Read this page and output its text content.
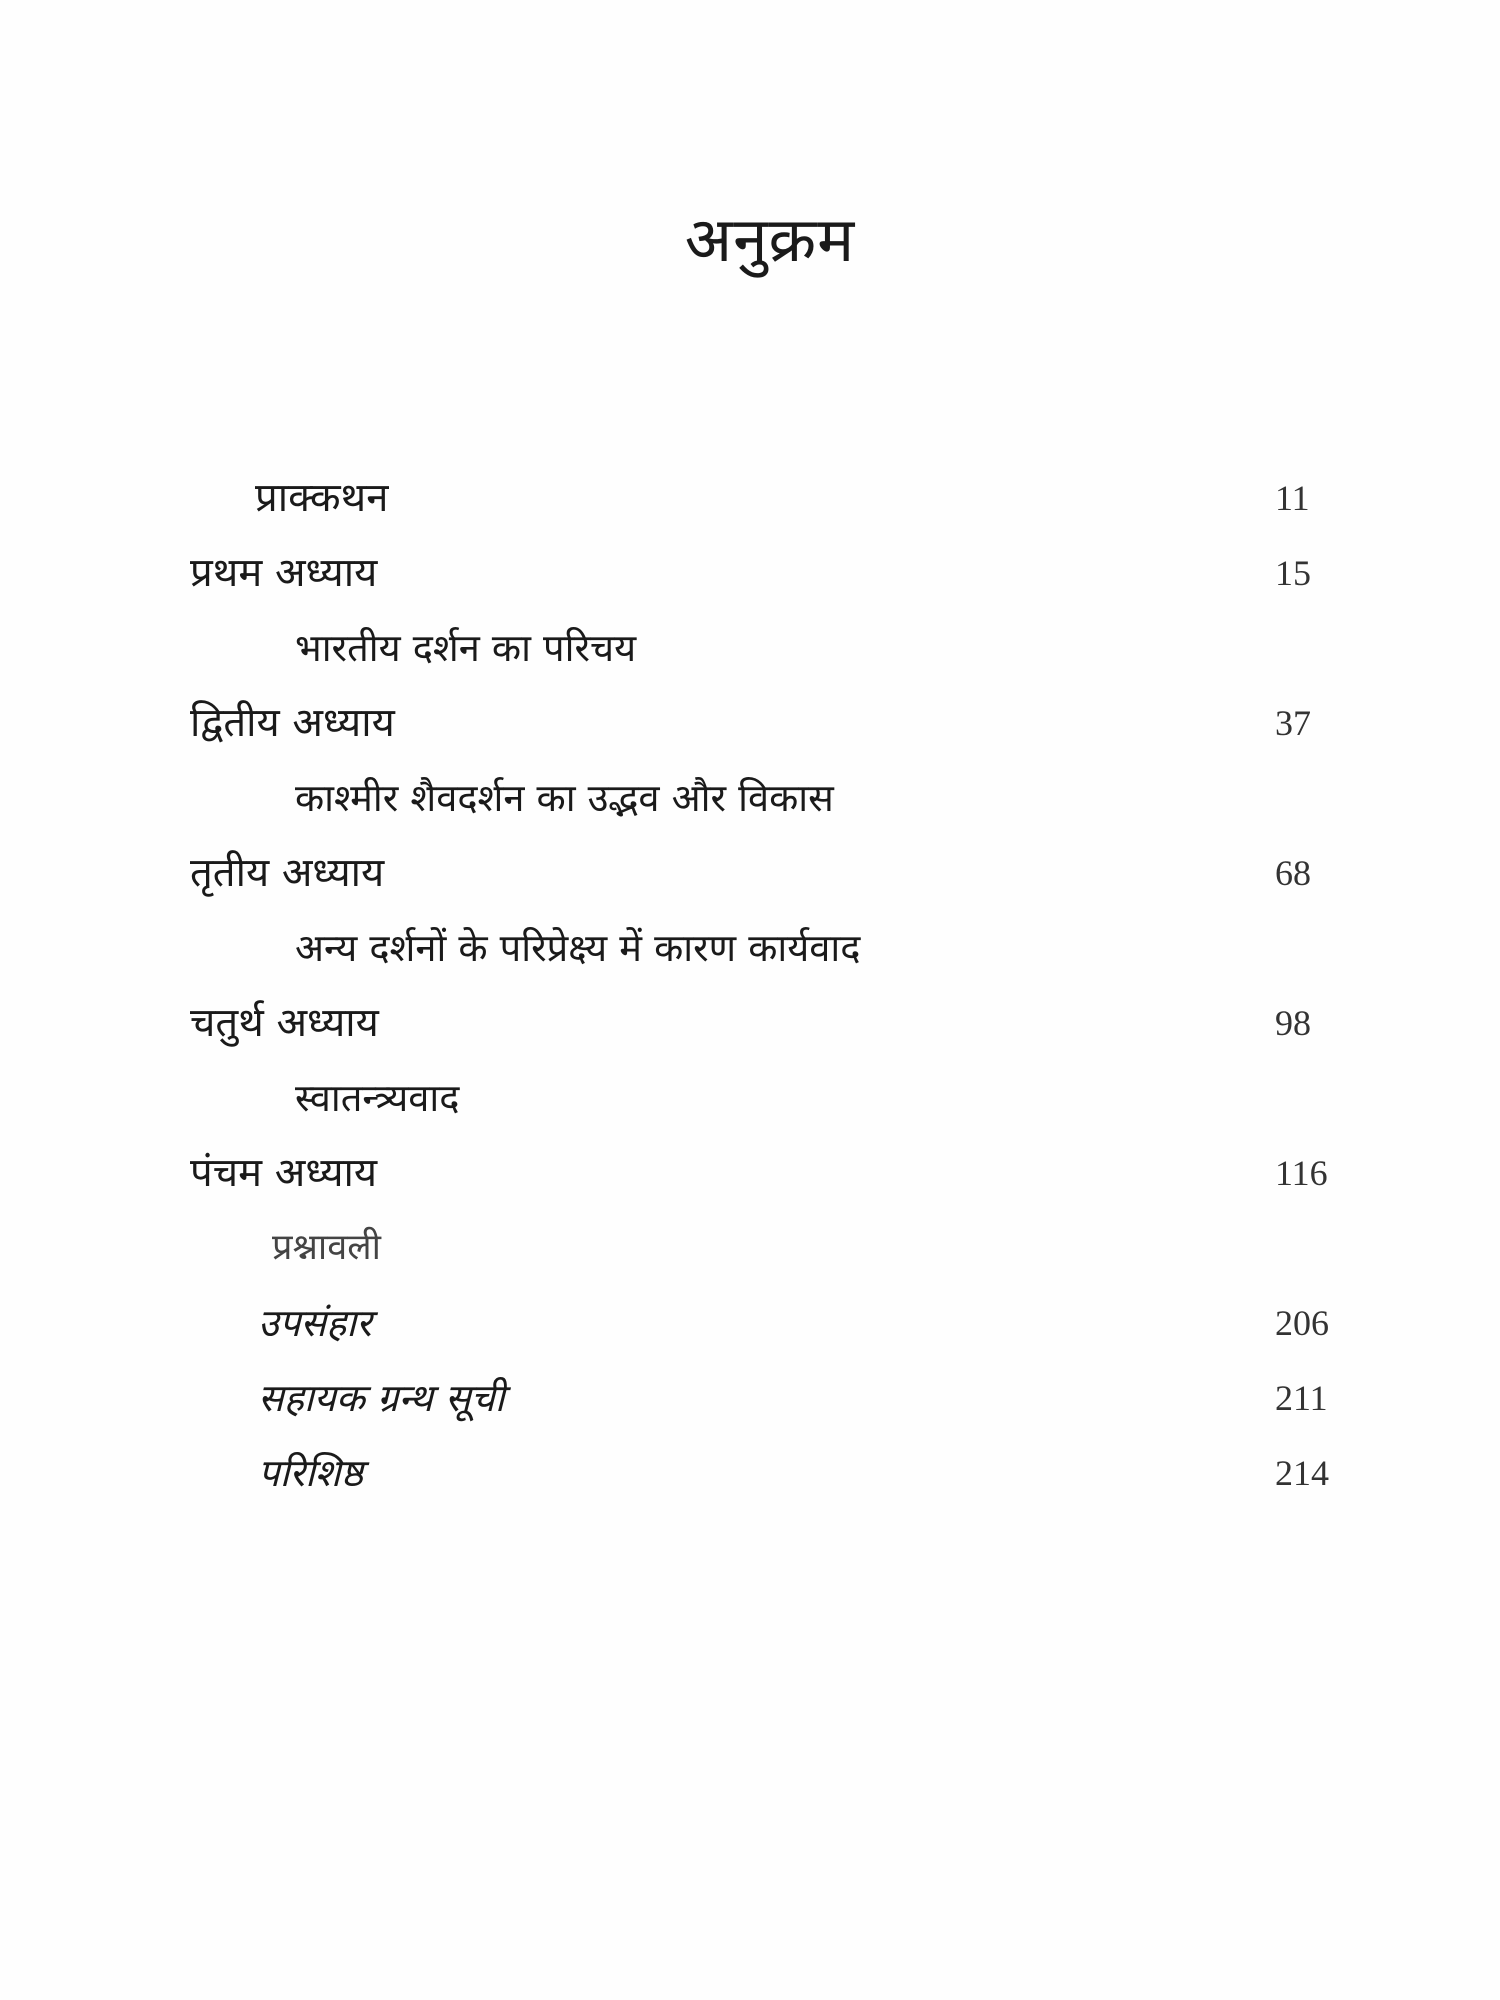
अनुक्रम
प्राक्कथन	11
प्रथम अध्याय	15
भारतीय दर्शन का परिचय
द्वितीय अध्याय	37
काश्मीर शैवदर्शन का उद्भव और विकास
तृतीय अध्याय	68
अन्य दर्शनों के परिप्रेक्ष्य में कारण कार्यवाद
चतुर्थ अध्याय	98
स्वातन्त्र्यवाद
पंचम अध्याय	116
प्रश्नावली
उपसंहार	206
सहायक ग्रन्थ सूची	211
परिशिष्ठ	214
